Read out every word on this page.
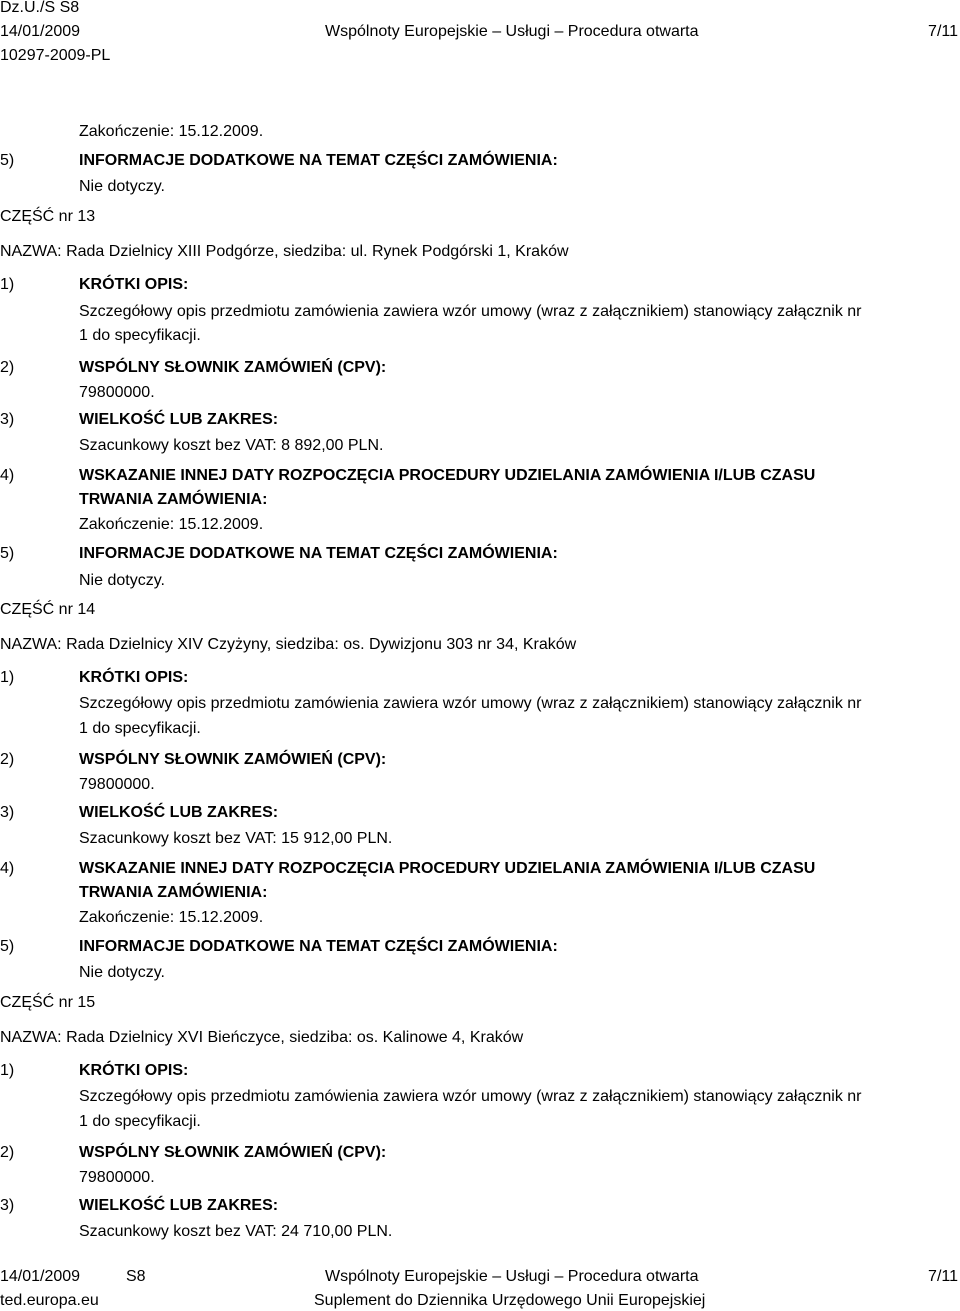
Dz.U./S S8
14/01/2009	Wspólnoty Europejskie – Usługi – Procedura otwarta	7/11
10297-2009-PL
Zakończenie: 15.12.2009.
5)	INFORMACJE DODATKOWE NA TEMAT CZĘŚCI ZAMÓWIENIA:
Nie dotyczy.
CZĘŚĆ nr 13
NAZWA: Rada Dzielnicy XIII Podgórze, siedziba: ul. Rynek Podgórski 1, Kraków
1)	KRÓTKI OPIS:
Szczegółowy opis przedmiotu zamówienia zawiera wzór umowy (wraz z załącznikiem) stanowiący załącznik nr
1 do specyfikacji.
2)	WSPÓLNY SŁOWNIK ZAMÓWIEŃ (CPV):
79800000.
3)	WIELKOŚĆ LUB ZAKRES:
Szacunkowy koszt bez VAT: 8 892,00 PLN.
4)	WSKAZANIE INNEJ DATY ROZPOCZĘCIA PROCEDURY UDZIELANIA ZAMÓWIENIA I/LUB CZASU
TRWANIA ZAMÓWIENIA:
Zakończenie: 15.12.2009.
5)	INFORMACJE DODATKOWE NA TEMAT CZĘŚCI ZAMÓWIENIA:
Nie dotyczy.
CZĘŚĆ nr 14
NAZWA: Rada Dzielnicy XIV Czyżyny, siedziba: os. Dywizjonu 303 nr 34, Kraków
1)	KRÓTKI OPIS:
Szczegółowy opis przedmiotu zamówienia zawiera wzór umowy (wraz z załącznikiem) stanowiący załącznik nr
1 do specyfikacji.
2)	WSPÓLNY SŁOWNIK ZAMÓWIEŃ (CPV):
79800000.
3)	WIELKOŚĆ LUB ZAKRES:
Szacunkowy koszt bez VAT: 15 912,00 PLN.
4)	WSKAZANIE INNEJ DATY ROZPOCZĘCIA PROCEDURY UDZIELANIA ZAMÓWIENIA I/LUB CZASU
TRWANIA ZAMÓWIENIA:
Zakończenie: 15.12.2009.
5)	INFORMACJE DODATKOWE NA TEMAT CZĘŚCI ZAMÓWIENIA:
Nie dotyczy.
CZĘŚĆ nr 15
NAZWA: Rada Dzielnicy XVI Bieńczyce, siedziba: os. Kalinowe 4, Kraków
1)	KRÓTKI OPIS:
Szczegółowy opis przedmiotu zamówienia zawiera wzór umowy (wraz z załącznikiem) stanowiący załącznik nr
1 do specyfikacji.
2)	WSPÓLNY SŁOWNIK ZAMÓWIEŃ (CPV):
79800000.
3)	WIELKOŚĆ LUB ZAKRES:
Szacunkowy koszt bez VAT: 24 710,00 PLN.
14/01/2009	S8	Wspólnoty Europejskie – Usługi – Procedura otwarta	7/11
ted.europa.eu	Suplement do Dziennika Urzędowego Unii Europejskiej
